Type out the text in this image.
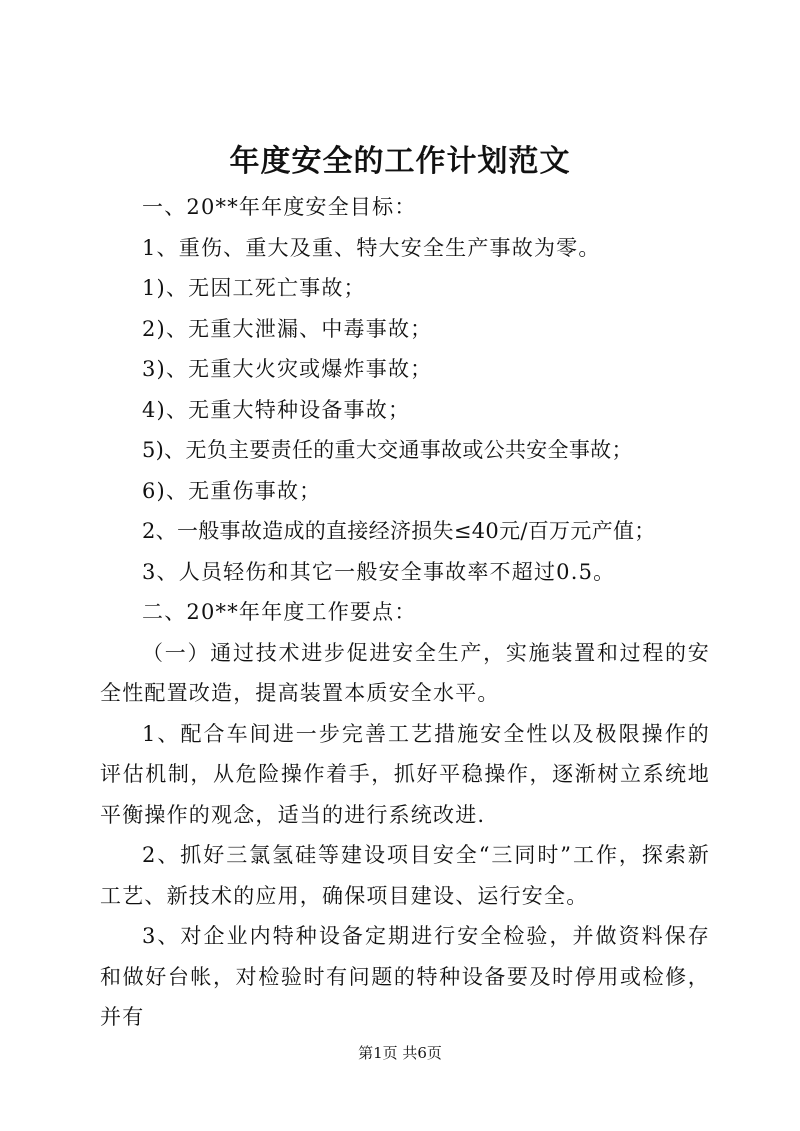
年度安全的工作计划范文

一、20**年年度安全目标：

1、重伤、重大及重、特大安全生产事故为零。

1)、无因工死亡事故；

2)、无重大泄漏、中毒事故；

3)、无重大火灾或爆炸事故；

4)、无重大特种设备事故；

5)、无负主要责任的重大交通事故或公共安全事故；

6)、无重伤事故；

2、一般事故造成的直接经济损失≤40元/百万元产值；

3、人员轻伤和其它一般安全事故率不超过0.5。

二、20**年年度工作要点：

（一）通过技术进步促进安全生产，实施装置和过程的安全性配置改造，提高装置本质安全水平。

1、配合车间进一步完善工艺措施安全性以及极限操作的评估机制，从危险操作着手，抓好平稳操作，逐渐树立系统地平衡操作的观念，适当的进行系统改进.

2、抓好三氯氢硅等建设项目安全“三同时”工作，探索新工艺、新技术的应用，确保项目建设、运行安全。

3、对企业内特种设备定期进行安全检验，并做资料保存和做好台帐，对检验时有问题的特种设备要及时停用或检修，并有

第1页 共6页
